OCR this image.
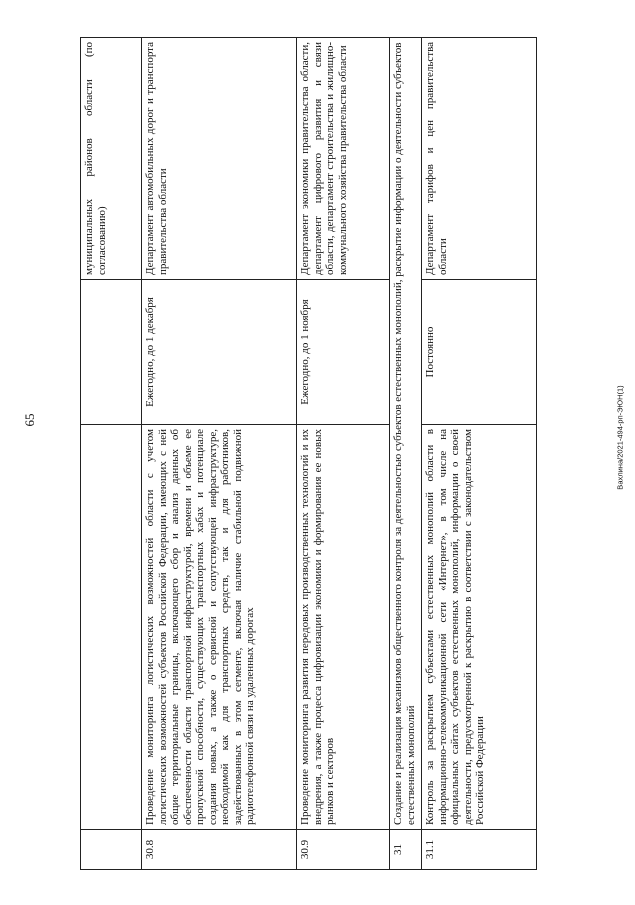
65	Вахлина/2021-494-рп-ЭЮН(1)
			муниципальных районов области (по согласованию)
30.8	Проведение мониторинга логистических возможностей области с учетом логистических возможностей субъектов Российской Федерации, имеющих с ней общие территориальные границы, включающего сбор и анализ данных об обеспеченности области транспортной инфраструктурой, времени и объеме ее пропускной способности, существующих транспортных хабах и потенциале создания новых, а также о сервисной и сопутствующей инфраструктуре, необходимой как для транспортных средств, так и для работников, задействованных в этом сегменте, включая наличие стабильной подвижной радиотелефонной связи на удаленных дорогах	Ежегодно, до 1 декабря	Департамент автомобильных дорог и транспорта правительства области
30.9	Проведение мониторинга развития передовых производственных технологий и их внедрения, а также процесса цифровизации экономики и формирования ее новых рынков и секторов	Ежегодно, до 1 ноября	Департамент экономики правительства области, департамент цифрового развития и связи области, департамент строительства и жилищно-коммунального хозяйства правительства области
31	Создание и реализация механизмов общественного контроля за деятельностью субъектов естественных монополий, раскрытие информации о деятельности субъектов естественных монополий		
31.1	Контроль за раскрытием субъектами естественных монополий области в информационно-телекоммуникационной сети «Интернет», в том числе на официальных сайтах субъектов естественных монополий, информации о своей деятельности, предусмотренной к раскрытию в соответствии с законодательством Российской Федерации	Постоянно	Департамент тарифов и цен правительства области
